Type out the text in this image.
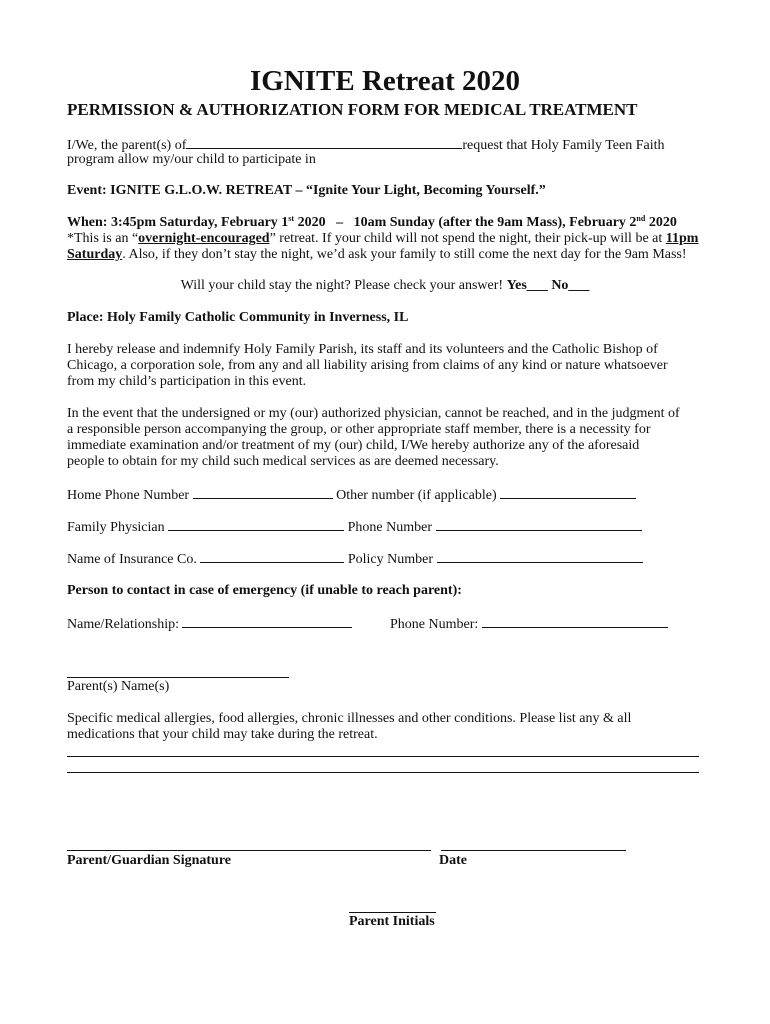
IGNITE Retreat 2020
PERMISSION & AUTHORIZATION FORM FOR MEDICAL TREATMENT
I/We, the parent(s) of	request that Holy Family Teen Faith
program allow my/our child to participate in
Event: IGNITE G.L.O.W. RETREAT – “Ignite Your Light, Becoming Yourself.”
When: 3:45pm Saturday, February 1st 2020   –   10am Sunday (after the 9am Mass), February 2nd 2020
*This is an “overnight-encouraged” retreat. If your child will not spend the night, their pick-up will be at 11pm
Saturday. Also, if they don’t stay the night, we’d ask your family to still come the next day for the 9am Mass!
Will your child stay the night? Please check your answer! Yes___ No___
Place: Holy Family Catholic Community in Inverness, IL
I hereby release and indemnify Holy Family Parish, its staff and its volunteers and the Catholic Bishop of
Chicago, a corporation sole, from any and all liability arising from claims of any kind or nature whatsoever
from my child’s participation in this event.
In the event that the undersigned or my (our) authorized physician, cannot be reached, and in the judgment of
a responsible person accompanying the group, or other appropriate staff member, there is a necessity for
immediate examination and/or treatment of my (our) child, I/We hereby authorize any of the aforesaid
people to obtain for my child such medical services as are deemed necessary.
Home Phone Number	Other number (if applicable)
Family Physician	Phone Number
Name of Insurance Co.	Policy Number
Person to contact in case of emergency (if unable to reach parent):
Name/Relationship:	Phone Number:
Parent(s) Name(s)
Specific medical allergies, food allergies, chronic illnesses and other conditions. Please list any & all
medications that your child may take during the retreat.
Parent/Guardian Signature	Date
Parent Initials
